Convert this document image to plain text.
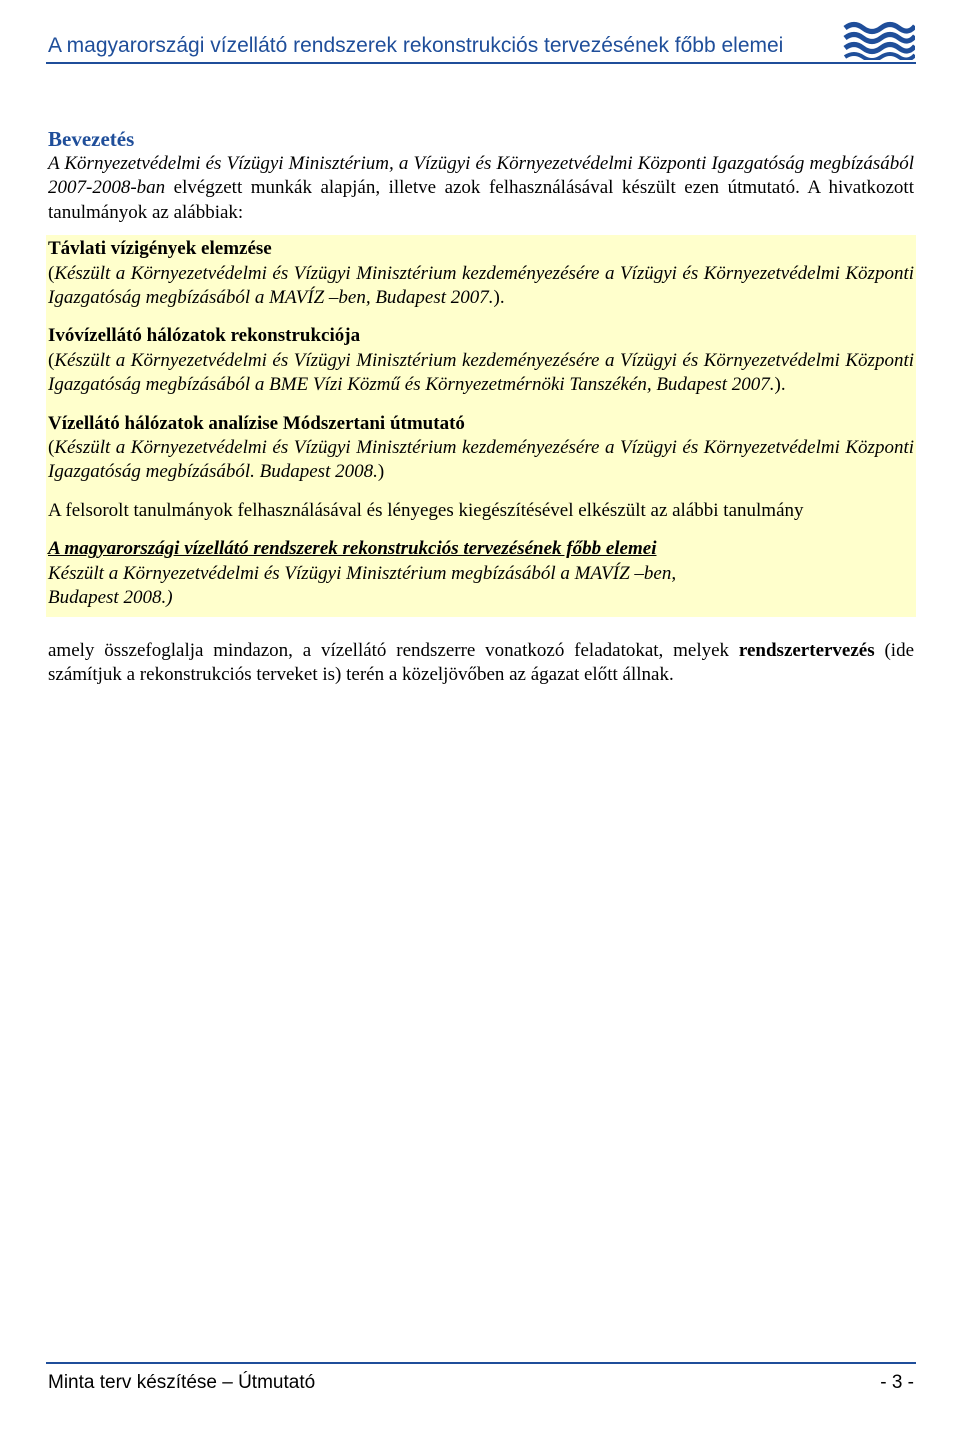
A magyarországi vízellátó rendszerek rekonstrukciós tervezésének főbb elemei
Bevezetés

A Környezetvédelmi és Vízügyi Minisztérium, a Vízügyi és Környezetvédelmi Központi Igazgatóság megbízásából 2007-2008-ban elvégzett munkák alapján, illetve azok felhasználásával készült ezen útmutató. A hivatkozott tanulmányok az alábbiak:

Távlati vízigények elemzése

(Készült a Környezetvédelmi és Vízügyi Minisztérium kezdeményezésére a Vízügyi és Környezetvédelmi Központi Igazgatóság megbízásából a MAVÍZ –ben, Budapest 2007.).

Ivóvízellátó hálózatok rekonstrukciója

(Készült a Környezetvédelmi és Vízügyi Minisztérium kezdeményezésére a Vízügyi és Környezetvédelmi Központi Igazgatóság megbízásából a BME Vízi Közmű és Környezetmérnöki Tanszékén, Budapest 2007.).

Vízellátó hálózatok analízise Módszertani útmutató

(Készült a Környezetvédelmi és Vízügyi Minisztérium kezdeményezésére a Vízügyi és Környezetvédelmi Központi Igazgatóság megbízásából. Budapest 2008.)

A felsorolt tanulmányok felhasználásával és lényeges kiegészítésével elkészült az alábbi tanulmány
A magyarországi vízellátó rendszerek rekonstrukciós tervezésének főbb elemei
Készült a Környezetvédelmi és Vízügyi Minisztérium megbízásából a MAVÍZ –ben,
Budapest 2008.)

amely összefoglalja mindazon, a vízellátó rendszerre vonatkozó feladatokat, melyek rendszertervezés (ide számítjuk a rekonstrukciós terveket is) terén a közeljövőben az ágazat előtt állnak.

Minta terv készítése – Útmutató	- 3 -
